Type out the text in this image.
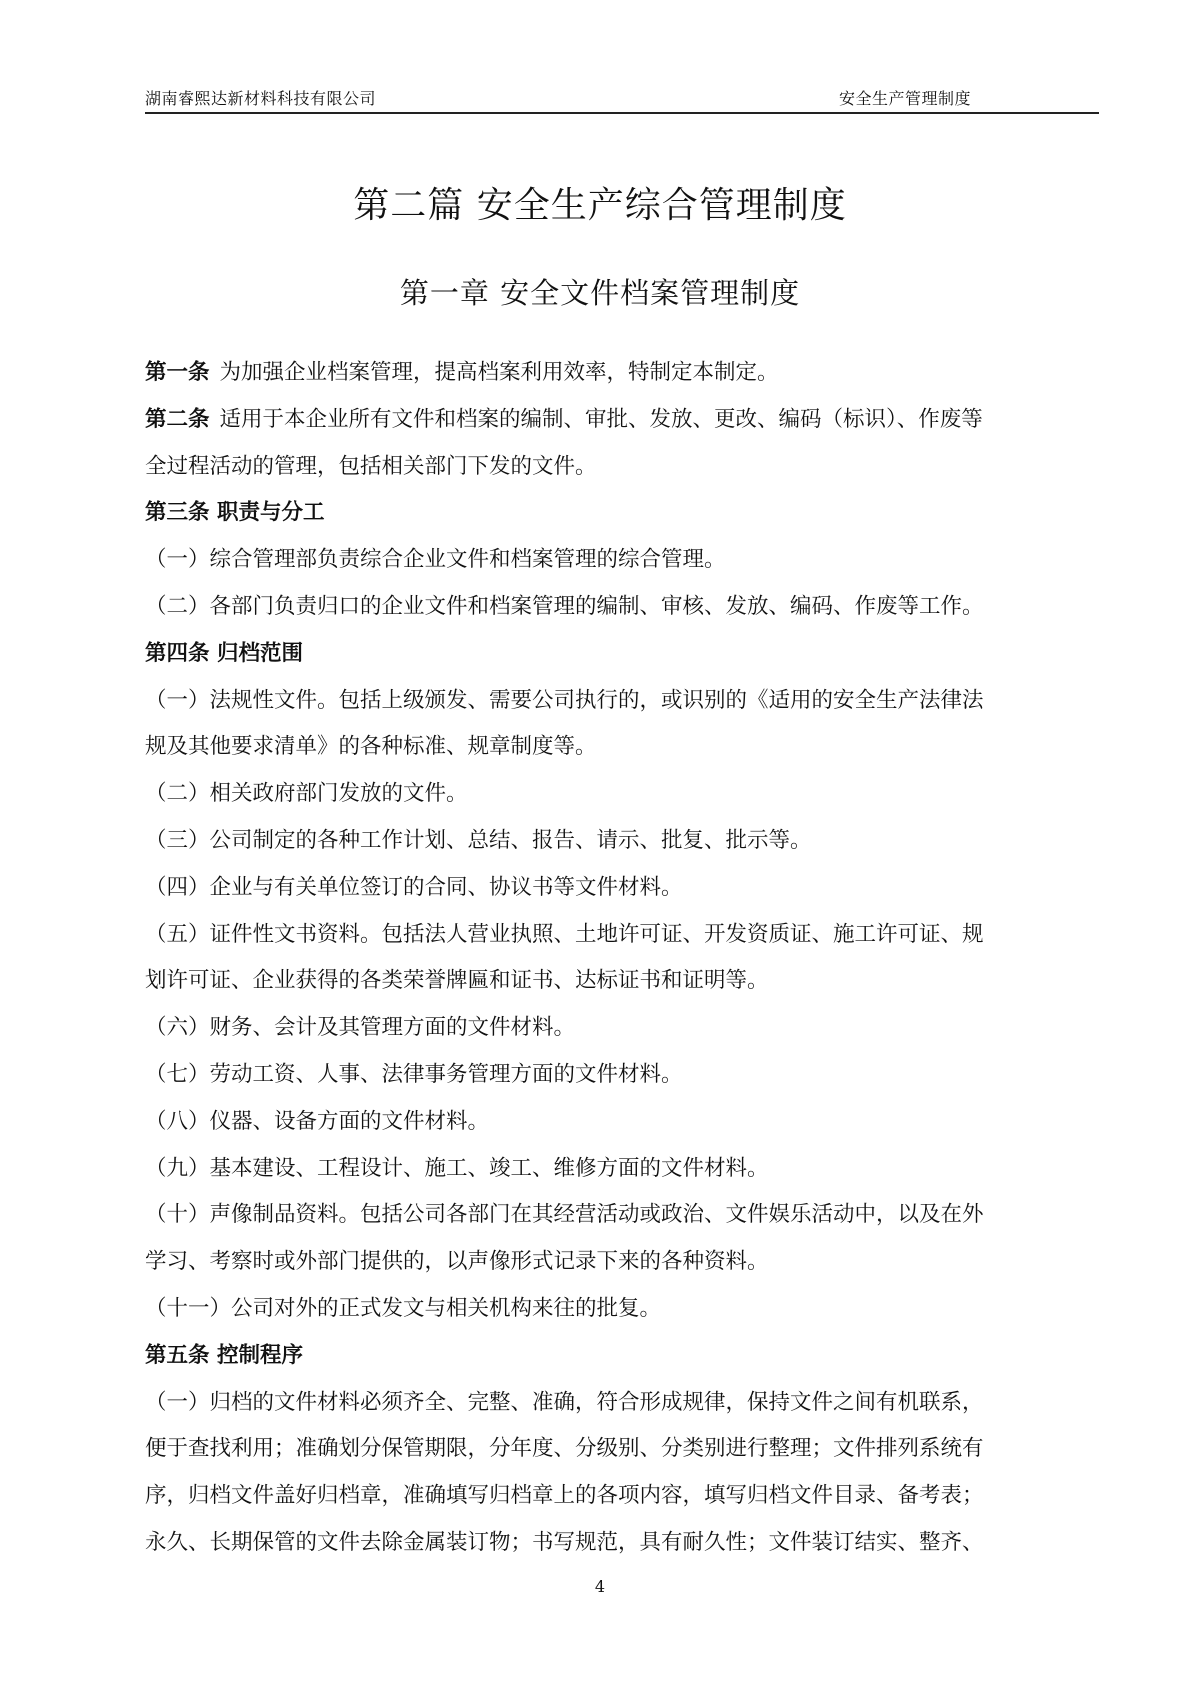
湖南睿熙达新材料科技有限公司	安全生产管理制度
第二篇 安全生产综合管理制度
第一章 安全文件档案管理制度
第一条 为加强企业档案管理，提高档案利用效率，特制定本制定。
第二条 适用于本企业所有文件和档案的编制、审批、发放、更改、编码（标识）、作废等
全过程活动的管理，包括相关部门下发的文件。
第三条 职责与分工
（一）综合管理部负责综合企业文件和档案管理的综合管理。
（二）各部门负责归口的企业文件和档案管理的编制、审核、发放、编码、作废等工作。
第四条 归档范围
（一）法规性文件。包括上级颁发、需要公司执行的，或识别的《适用的安全生产法律法
规及其他要求清单》的各种标准、规章制度等。
（二）相关政府部门发放的文件。
（三）公司制定的各种工作计划、总结、报告、请示、批复、批示等。
（四）企业与有关单位签订的合同、协议书等文件材料。
（五）证件性文书资料。包括法人营业执照、土地许可证、开发资质证、施工许可证、规
划许可证、企业获得的各类荣誉牌匾和证书、达标证书和证明等。
（六）财务、会计及其管理方面的文件材料。
（七）劳动工资、人事、法律事务管理方面的文件材料。
（八）仪器、设备方面的文件材料。
（九）基本建设、工程设计、施工、竣工、维修方面的文件材料。
（十）声像制品资料。包括公司各部门在其经营活动或政治、文件娱乐活动中，以及在外
学习、考察时或外部门提供的，以声像形式记录下来的各种资料。
（十一）公司对外的正式发文与相关机构来往的批复。
第五条 控制程序
（一）归档的文件材料必须齐全、完整、准确，符合形成规律，保持文件之间有机联系，
便于查找利用；准确划分保管期限，分年度、分级别、分类别进行整理；文件排列系统有
序，归档文件盖好归档章，准确填写归档章上的各项内容，填写归档文件目录、备考表；
永久、长期保管的文件去除金属装订物；书写规范，具有耐久性；文件装订结实、整齐、
4
